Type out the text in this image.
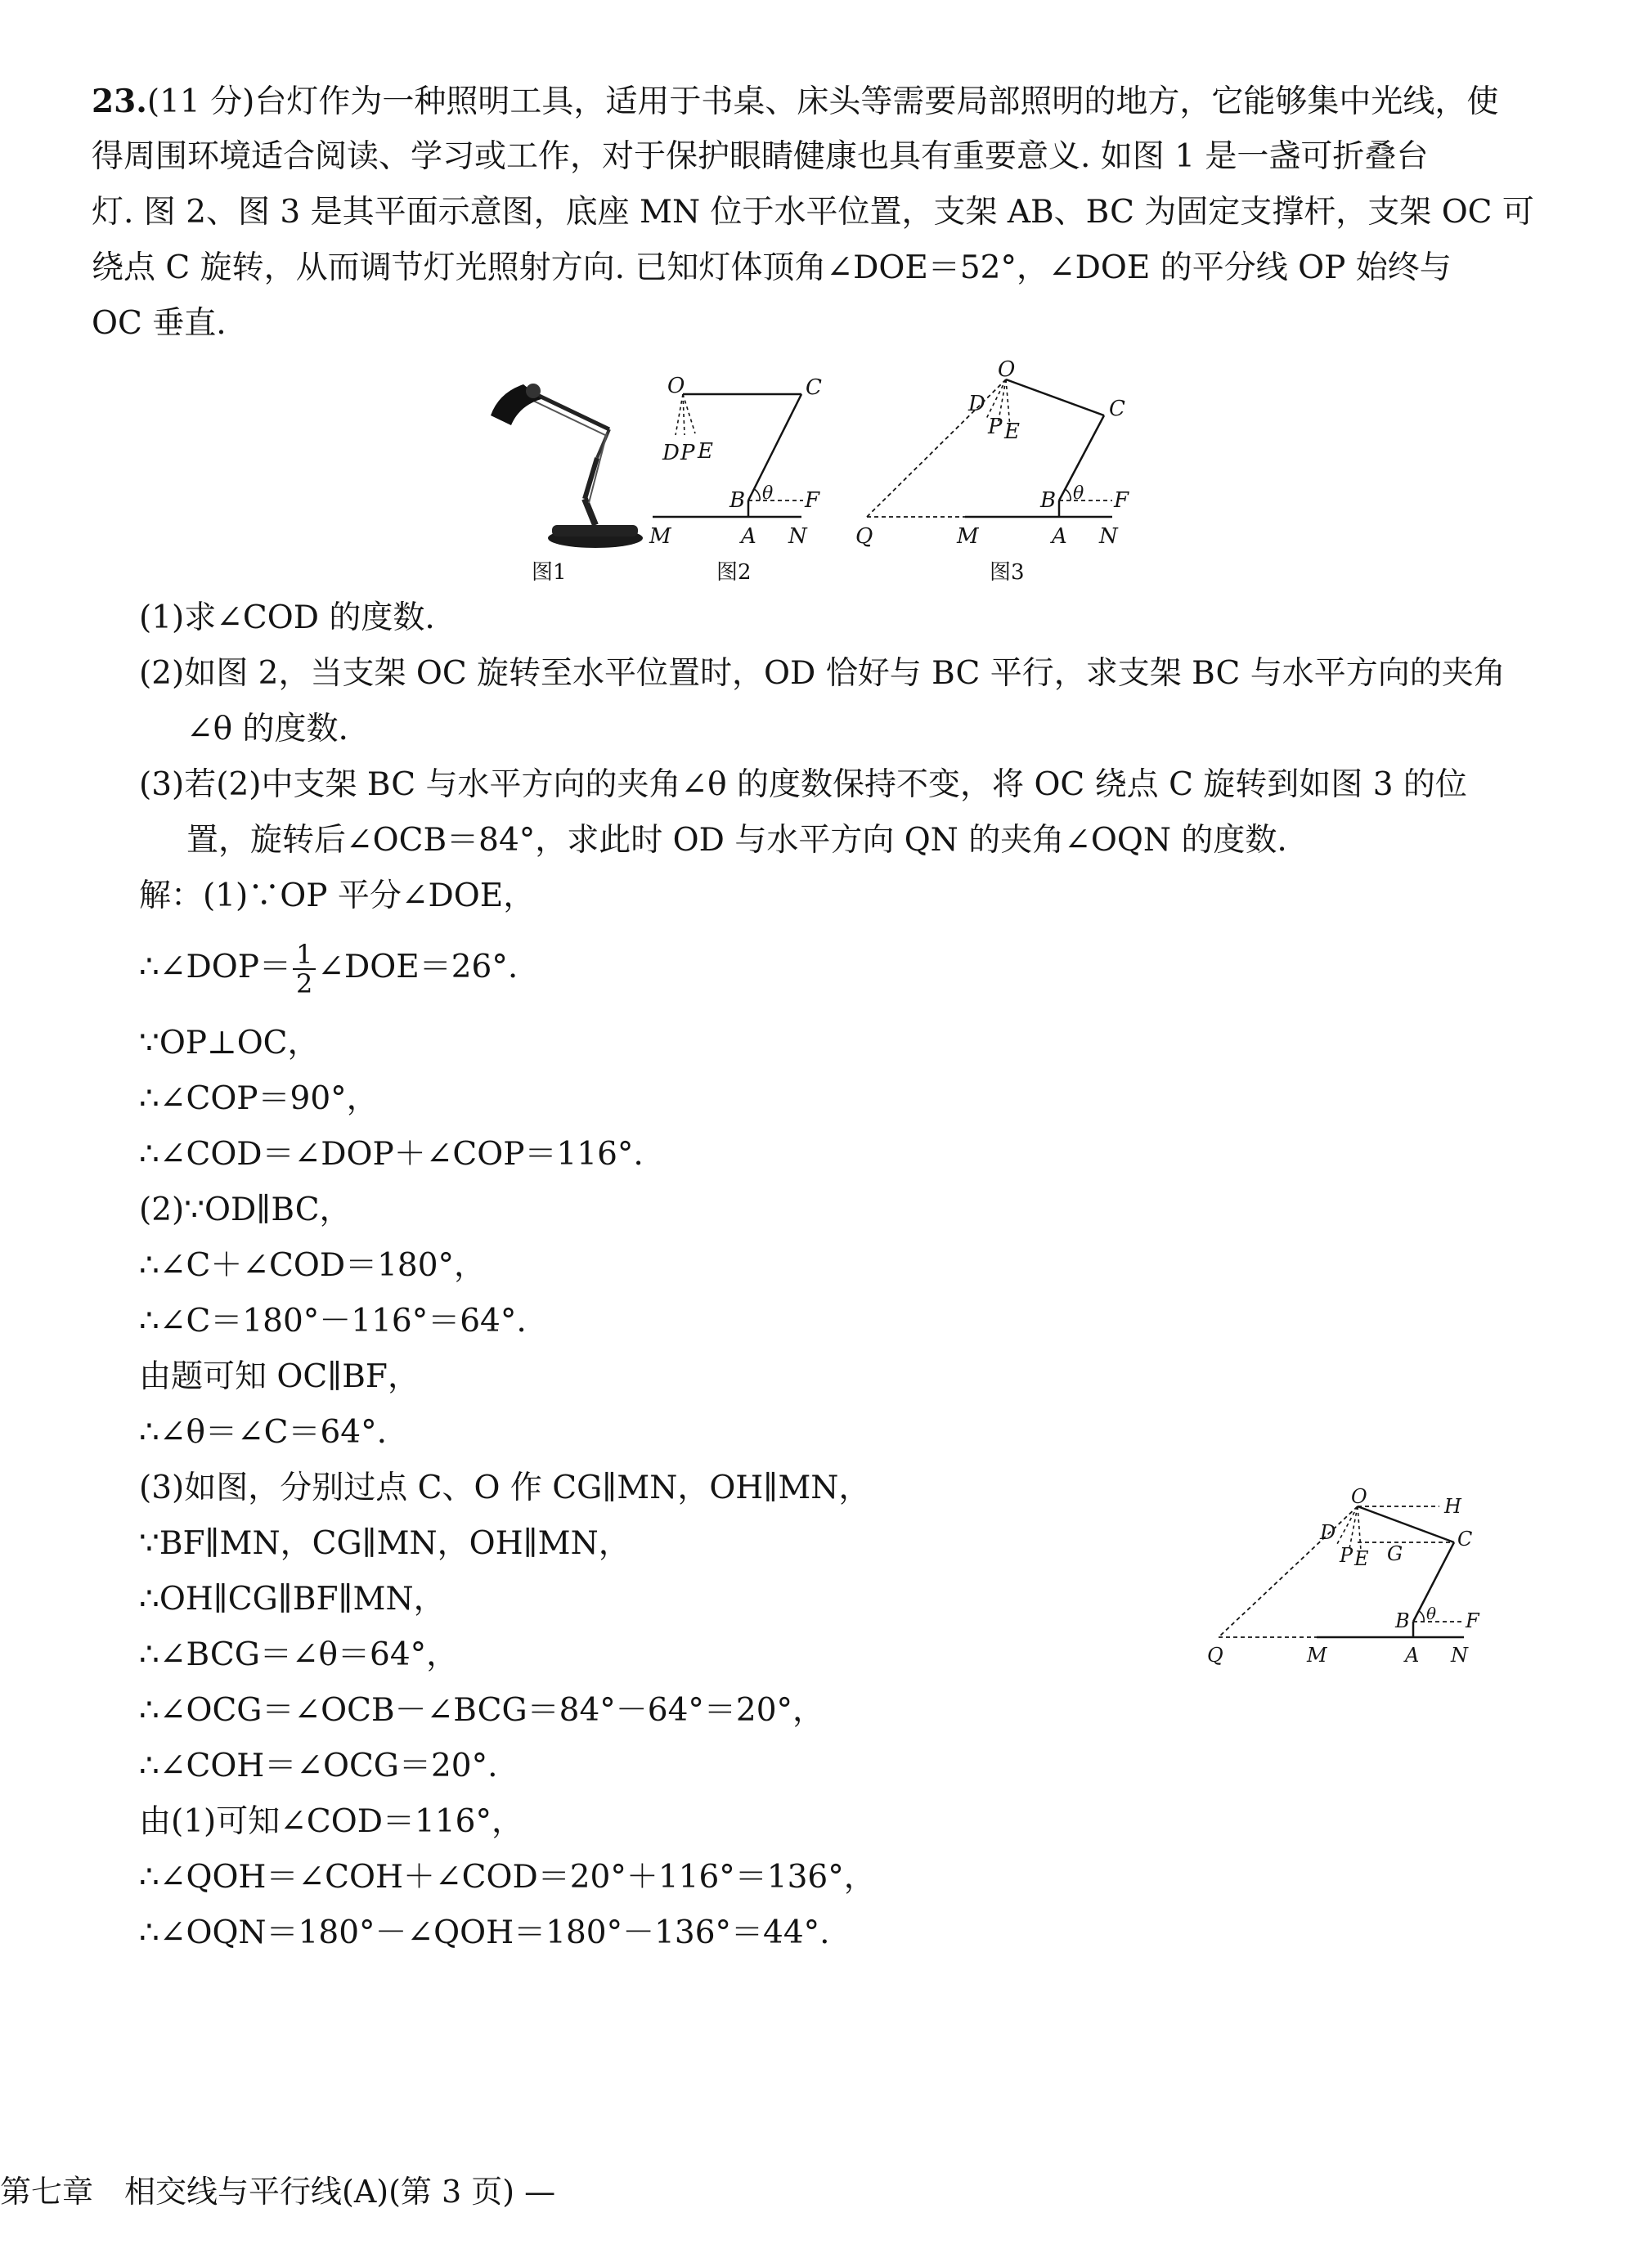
23.(11 分)台灯作为一种照明工具，适用于书桌、床头等需要局部照明的地方，它能够集中光线，使
得周围环境适合阅读、学习或工作，对于保护眼睛健康也具有重要意义. 如图 1 是一盏可折叠台
灯. 图 2、图 3 是其平面示意图，底座 MN 位于水平位置，支架 AB、BC 为固定支撑杆，支架 OC 可
绕点 C 旋转，从而调节灯光照射方向. 已知灯体顶角∠DOE＝52°，∠DOE 的平分线 OP 始终与
OC 垂直.
图1
O	C
D P E
B θ F
M	A N
图2
O
C
D
P E
B θ F
Q	M	A N
图3
(1)求∠COD 的度数.
(2)如图 2，当支架 OC 旋转至水平位置时，OD 恰好与 BC 平行，求支架 BC 与水平方向的夹角
∠θ 的度数.
(3)若(2)中支架 BC 与水平方向的夹角∠θ 的度数保持不变，将 OC 绕点 C 旋转到如图 3 的位
置，旋转后∠OCB＝84°，求此时 OD 与水平方向 QN 的夹角∠OQN 的度数.
解：(1)∵OP 平分∠DOE，
∴∠DOP＝ $\frac{1}{2}$ ∠DOE＝26°.
∵OP⊥OC，
∴∠COP＝90°，
∴∠COD＝∠DOP＋∠COP＝116°.
(2)∵OD∥BC，
∴∠C＋∠COD＝180°，
∴∠C＝180°－116°＝64°.
由题可知 OC∥BF，
∴∠θ＝∠C＝64°.
(3)如图，分别过点 C、O 作 CG∥MN，OH∥MN，
∵BF∥MN，CG∥MN，OH∥MN，
∴OH∥CG∥BF∥MN，
∴∠BCG＝∠θ＝64°，
∴∠OCG＝∠OCB－∠BCG＝84°－64°＝20°，
∴∠COH＝∠OCG＝20°.
由(1)可知∠COD＝116°，
∴∠QOH＝∠COH＋∠COD＝20°＋116°＝136°，
∴∠OQN＝180°－∠QOH＝180°－136°＝44°.
O	H
C
D
P E G
B θ F
Q	M	A N
第七章　相交线与平行线(A)(第 3 页) —
